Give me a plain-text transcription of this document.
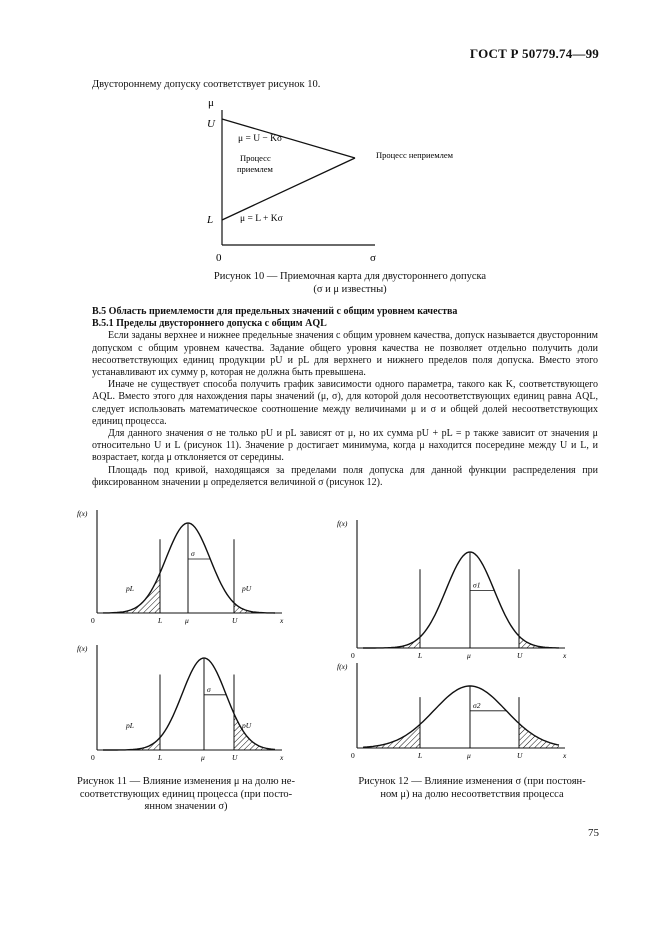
ГОСТ Р 50779.74—99
Двустороннему допуску соответствует рисунок 10.
μ
U
L
0	σ
μ = U − Kσ
μ = L + Kσ
Процесс
приемлем
Процесс неприемлем
Рисунок 10 — Приемочная карта для двустороннего допуска
(σ и μ известны)

В.5 Область приемлемости для предельных значений с общим уровнем качества

В.5.1 Пределы двустороннего допуска с общим AQL

Если заданы верхнее и нижнее предельные значения с общим уровнем качества, допуск называется двусторонним допуском с общим уровнем качества. Задание общего уровня качества не позволяет отдельно получить доли несоответствующих единиц продукции pU и pL для верхнего и нижнего пределов поля допуска. Вместо этого устанавливают их сумму p, которая не должна быть превышена.

Иначе не существует способа получить график зависимости одного параметра, такого как K, соответствующего AQL. Вместо этого для нахождения пары значений (μ, σ), для которой доля несоответствующих единиц равна AQL, следует использовать математическое соотношение между величинами μ и σ и общей долей несоответствующих единиц процесса.

Для данного значения σ не только pU и pL зависят от μ, но их сумма pU + pL = p также зависит от значения μ относительно U и L (рисунок 11). Значение p достигает минимума, когда μ находится посередине между U и L, и возрастает, когда μ отклоняется от середины.

Площадь под кривой, находящаяся за пределами поля допуска для данной функции распределения при фиксированном значении μ определяется величиной σ (рисунок 12).

σ
f(x)
0	L	U
μ	x
pL	pU
σ
f(x)
0	L	U
μ	x
pL	pU
σ1
f(x)
0	L	U
μ	x
σ2
f(x)
0	L	U
μ	x
Рисунок 11 — Влияние изменения μ на долю не-
соответствующих единиц процесса (при посто-
янном значении σ)
Рисунок 12 — Влияние изменения σ (при постоян-
ном μ) на долю несоответствия процесса
75
